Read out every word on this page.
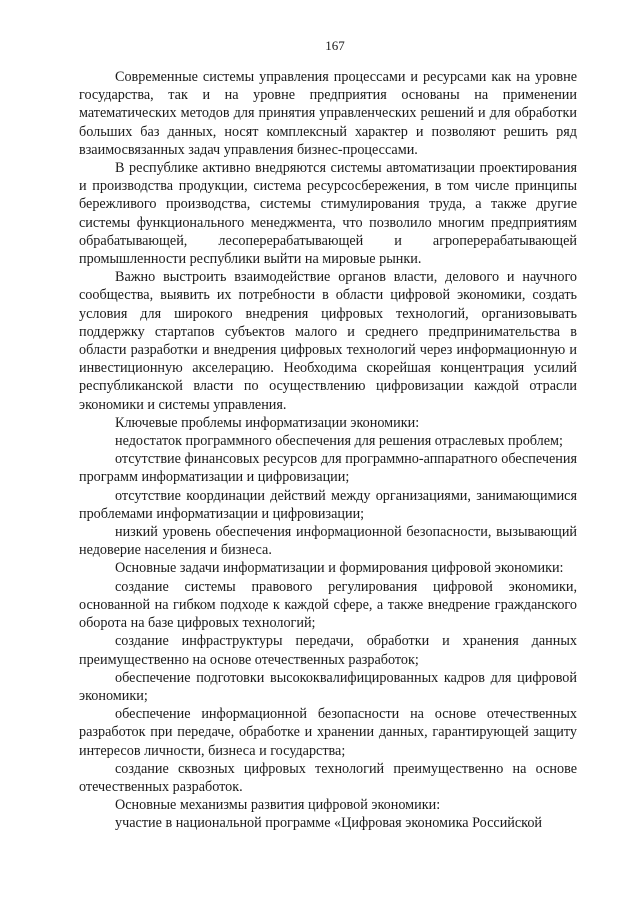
167

Современные системы управления процессами и ресурсами как на уровне государства, так и на уровне предприятия основаны на применении математических методов для принятия управленческих решений и для обработки больших баз данных, носят комплексный характер и позволяют решить ряд взаимосвязанных задач управления бизнес-процессами.

В республике активно внедряются системы автоматизации проектирования и производства продукции, система ресурсосбережения, в том числе принципы бережливого производства, системы стимулирования труда, а также другие системы функционального менеджмента, что позволило многим предприятиям обрабатывающей, лесоперерабатывающей и агроперерабатывающей промышленности республики выйти на мировые рынки.

Важно выстроить взаимодействие органов власти, делового и научного сообщества, выявить их потребности в области цифровой экономики, создать условия для широкого внедрения цифровых технологий, организовывать поддержку стартапов субъектов малого и среднего предпринимательства в области разработки и внедрения цифровых технологий через информационную и инвестиционную акселерацию. Необходима скорейшая концентрация усилий республиканской власти по осуществлению цифровизации каждой отрасли экономики и системы управления.

Ключевые проблемы информатизации экономики:

недостаток программного обеспечения для решения отраслевых проблем;

отсутствие финансовых ресурсов для программно-аппаратного обеспечения программ информатизации и цифровизации;

отсутствие координации действий между организациями, занимающимися проблемами информатизации и цифровизации;

низкий уровень обеспечения информационной безопасности, вызывающий недоверие населения и бизнеса.

Основные задачи информатизации и формирования цифровой экономики:

создание системы правового регулирования цифровой экономики, основанной на гибком подходе к каждой сфере, а также внедрение гражданского оборота на базе цифровых технологий;

создание инфраструктуры передачи, обработки и хранения данных преимущественно на основе отечественных разработок;

обеспечение подготовки высококвалифицированных кадров для цифровой экономики;

обеспечение информационной безопасности на основе отечественных разработок при передаче, обработке и хранении данных, гарантирующей защиту интересов личности, бизнеса и государства;

создание сквозных цифровых технологий преимущественно на основе отечественных разработок.

Основные механизмы развития цифровой экономики:

участие в национальной программе «Цифровая экономика Российской
